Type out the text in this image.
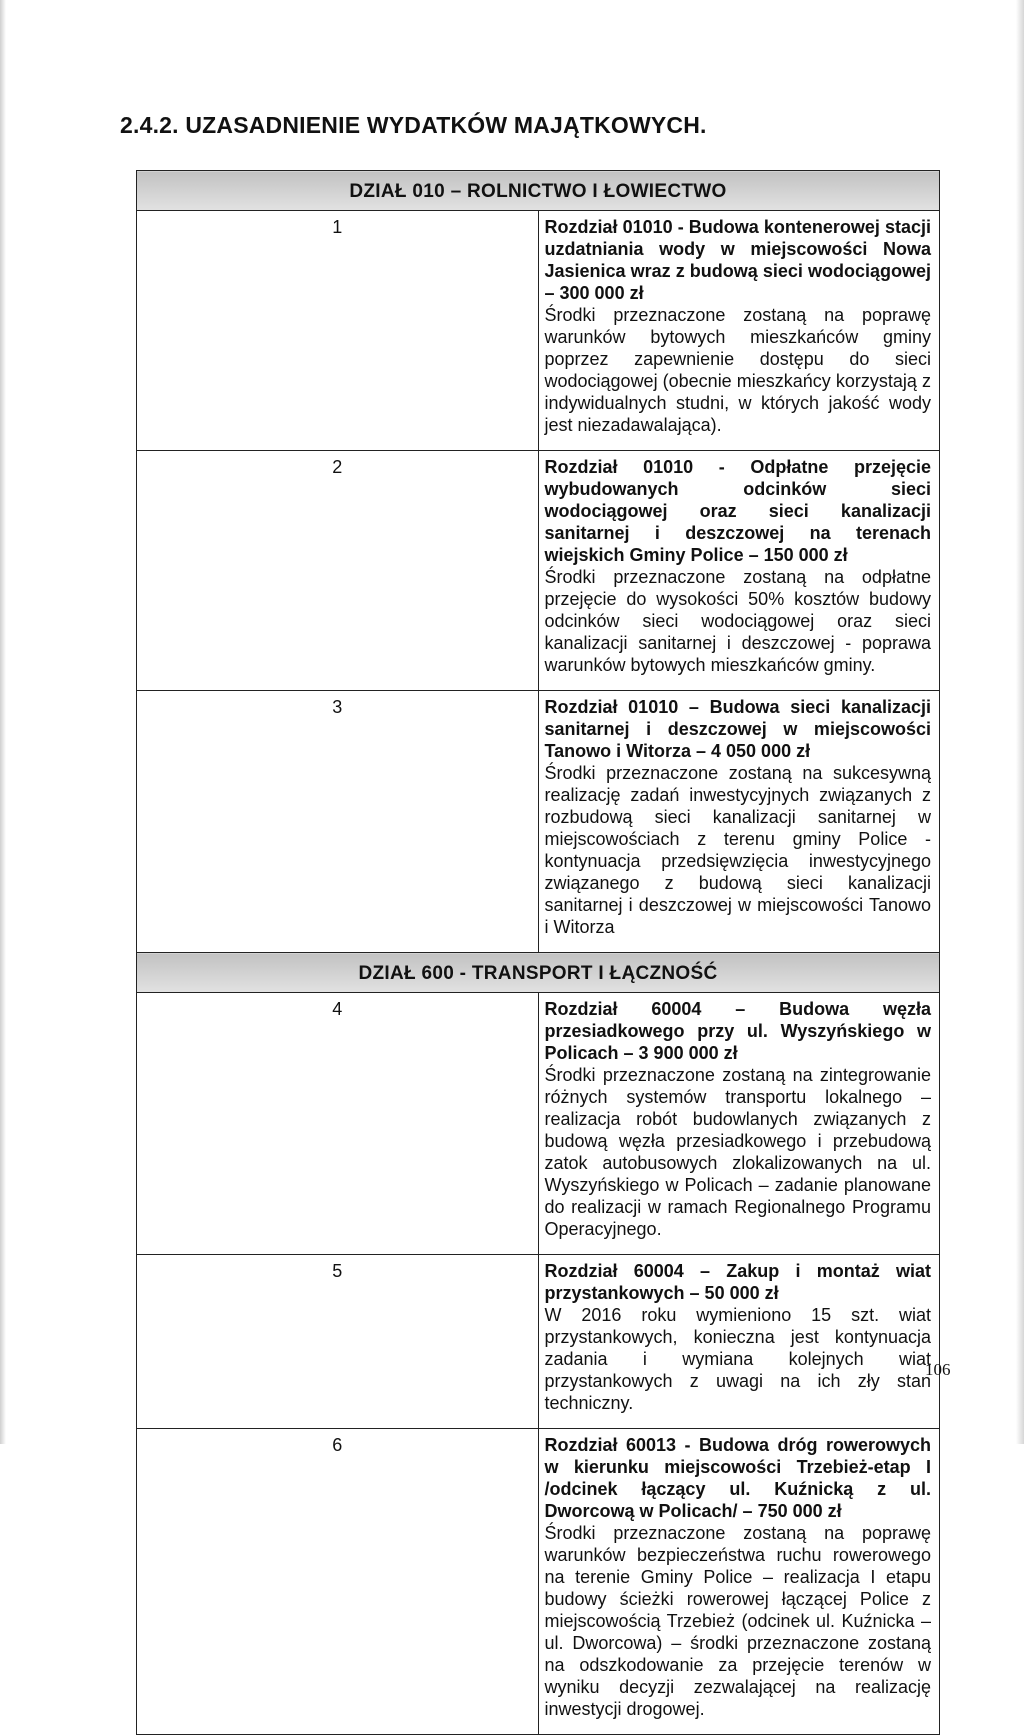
2.4.2. UZASADNIENIE WYDATKÓW MAJĄTKOWYCH.
DZIAŁ 010 – ROLNICTWO I ŁOWIECTWO	
1	Rozdział 01010 - Budowa kontenerowej stacji uzdatniania wody w miejscowości Nowa Jasienica wraz z budową sieci wodociągowej – 300 000 zł
Środki przeznaczone zostaną na poprawę warunków bytowych mieszkańców gminy poprzez zapewnienie dostępu do sieci wodociągowej (obecnie mieszkańcy korzystają z indywidualnych studni, w których jakość wody jest niezadawalająca).

2	Rozdział 01010 - Odpłatne przejęcie wybudowanych odcinków sieci wodociągowej oraz sieci kanalizacji sanitarnej i deszczowej na terenach wiejskich Gminy Police – 150 000 zł
Środki przeznaczone zostaną na odpłatne przejęcie do wysokości 50% kosztów budowy odcinków sieci wodociągowej oraz sieci kanalizacji sanitarnej i deszczowej - poprawa warunków bytowych mieszkańców gminy.

3	Rozdział 01010 – Budowa sieci kanalizacji sanitarnej i deszczowej w miejscowości Tanowo i Witorza – 4 050 000 zł
Środki przeznaczone zostaną na sukcesywną realizację zadań inwestycyjnych związanych z rozbudową sieci kanalizacji sanitarnej w miejscowościach z terenu gminy Police - kontynuacja przedsięwzięcia inwestycyjnego związanego z budową sieci kanalizacji sanitarnej i deszczowej w miejscowości Tanowo i Witorza

DZIAŁ 600 - TRANSPORT I ŁĄCZNOŚĆ	
4	Rozdział 60004 – Budowa węzła przesiadkowego przy ul. Wyszyńskiego w Policach – 3 900 000 zł
Środki przeznaczone zostaną na zintegrowanie różnych systemów transportu lokalnego – realizacja robót budowlanych związanych z budową węzła przesiadkowego i przebudową zatok autobusowych zlokalizowanych na ul. Wyszyńskiego w Policach – zadanie planowane do realizacji w ramach Regionalnego Programu Operacyjnego.

5	Rozdział 60004 – Zakup i montaż wiat przystankowych – 50 000 zł
W 2016 roku wymieniono 15 szt. wiat przystankowych, konieczna jest kontynuacja zadania i wymiana kolejnych wiat przystankowych z uwagi na ich zły stan techniczny.

6	Rozdział 60013 - Budowa dróg rowerowych w kierunku miejscowości Trzebież-etap I /odcinek łączący ul. Kuźnicką z ul. Dworcową w Policach/ – 750 000 zł
Środki przeznaczone zostaną na poprawę warunków bezpieczeństwa ruchu rowerowego na terenie Gminy Police – realizacja I etapu budowy ścieżki rowerowej łączącej Police z miejscowością Trzebież (odcinek ul. Kuźnicka – ul. Dworcowa) – środki przeznaczone zostaną na odszkodowanie za przejęcie terenów w wyniku decyzji zezwalającej na realizację inwestycji drogowej.
106
